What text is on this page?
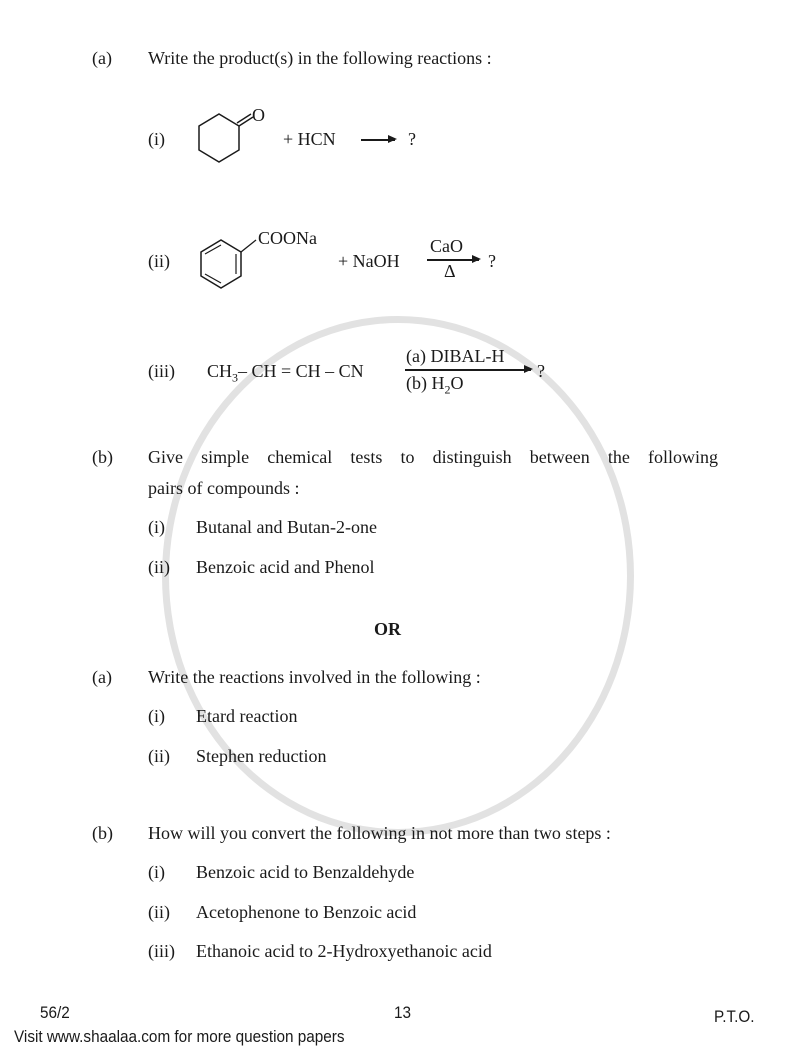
(a) Write the product(s) in the following reactions :
(i)
O
+ HCN → ?
(ii)
COONa
+ NaOH
CaO
Δ ?
(iii) $CH_3-$ CH = CH – CN
(a) DIBAL-H
(b) $H_2O$
?
(b) Give simple chemical tests to distinguish between the following
pairs of compounds :
(i) Butanal and Butan-2-one
(ii) Benzoic acid and Phenol
OR
(a) Write the reactions involved in the following :
(i) Etard reaction
(ii) Stephen reduction
(b) How will you convert the following in not more than two steps :
(i) Benzoic acid to Benzaldehyde
(ii) Acetophenone to Benzoic acid
(iii) Ethanoic acid to 2-Hydroxyethanoic acid
56/2	13	P.T.O.
Visit www.shaalaa.com for more question papers
